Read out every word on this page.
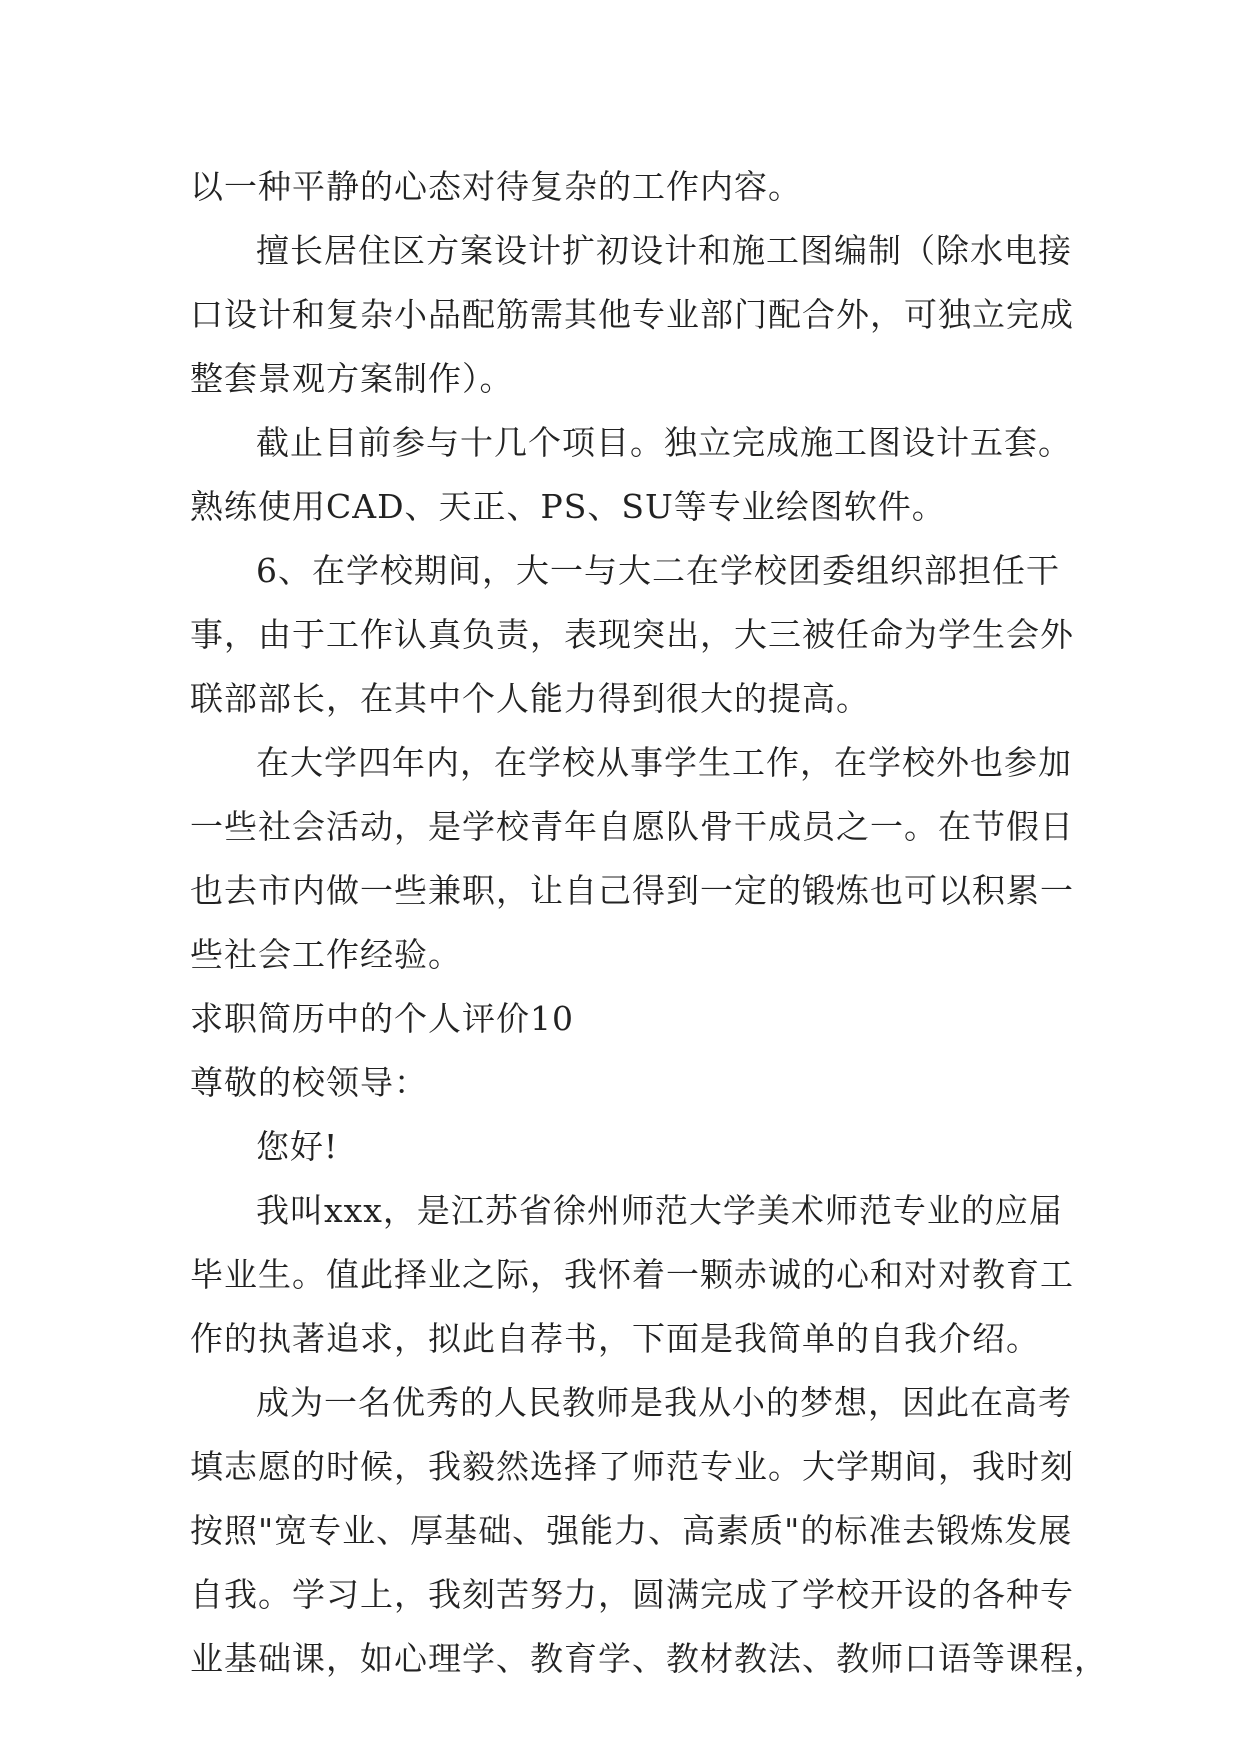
以一种平静的心态对待复杂的工作内容。

擅长居住区方案设计扩初设计和施工图编制（除水电接

口设计和复杂小品配筋需其他专业部门配合外，可独立完成

整套景观方案制作）。

截止目前参与十几个项目。独立完成施工图设计五套。

熟练使用CAD、天正、PS、SU等专业绘图软件。

6、在学校期间，大一与大二在学校团委组织部担任干

事，由于工作认真负责，表现突出，大三被任命为学生会外

联部部长，在其中个人能力得到很大的提高。

在大学四年内，在学校从事学生工作，在学校外也参加

一些社会活动，是学校青年自愿队骨干成员之一。在节假日

也去市内做一些兼职，让自己得到一定的锻炼也可以积累一

些社会工作经验。

求职简历中的个人评价10

尊敬的校领导：

您好!

我叫xxx，是江苏省徐州师范大学美术师范专业的应届

毕业生。值此择业之际，我怀着一颗赤诚的心和对对教育工

作的执著追求，拟此自荐书，下面是我简单的自我介绍。

成为一名优秀的人民教师是我从小的梦想，因此在高考

填志愿的时候，我毅然选择了师范专业。大学期间，我时刻

按照"宽专业、厚基础、强能力、高素质"的标准去锻炼发展

自我。学习上，我刻苦努力，圆满完成了学校开设的各种专

业基础课，如心理学、教育学、教材教法、教师口语等课程，
